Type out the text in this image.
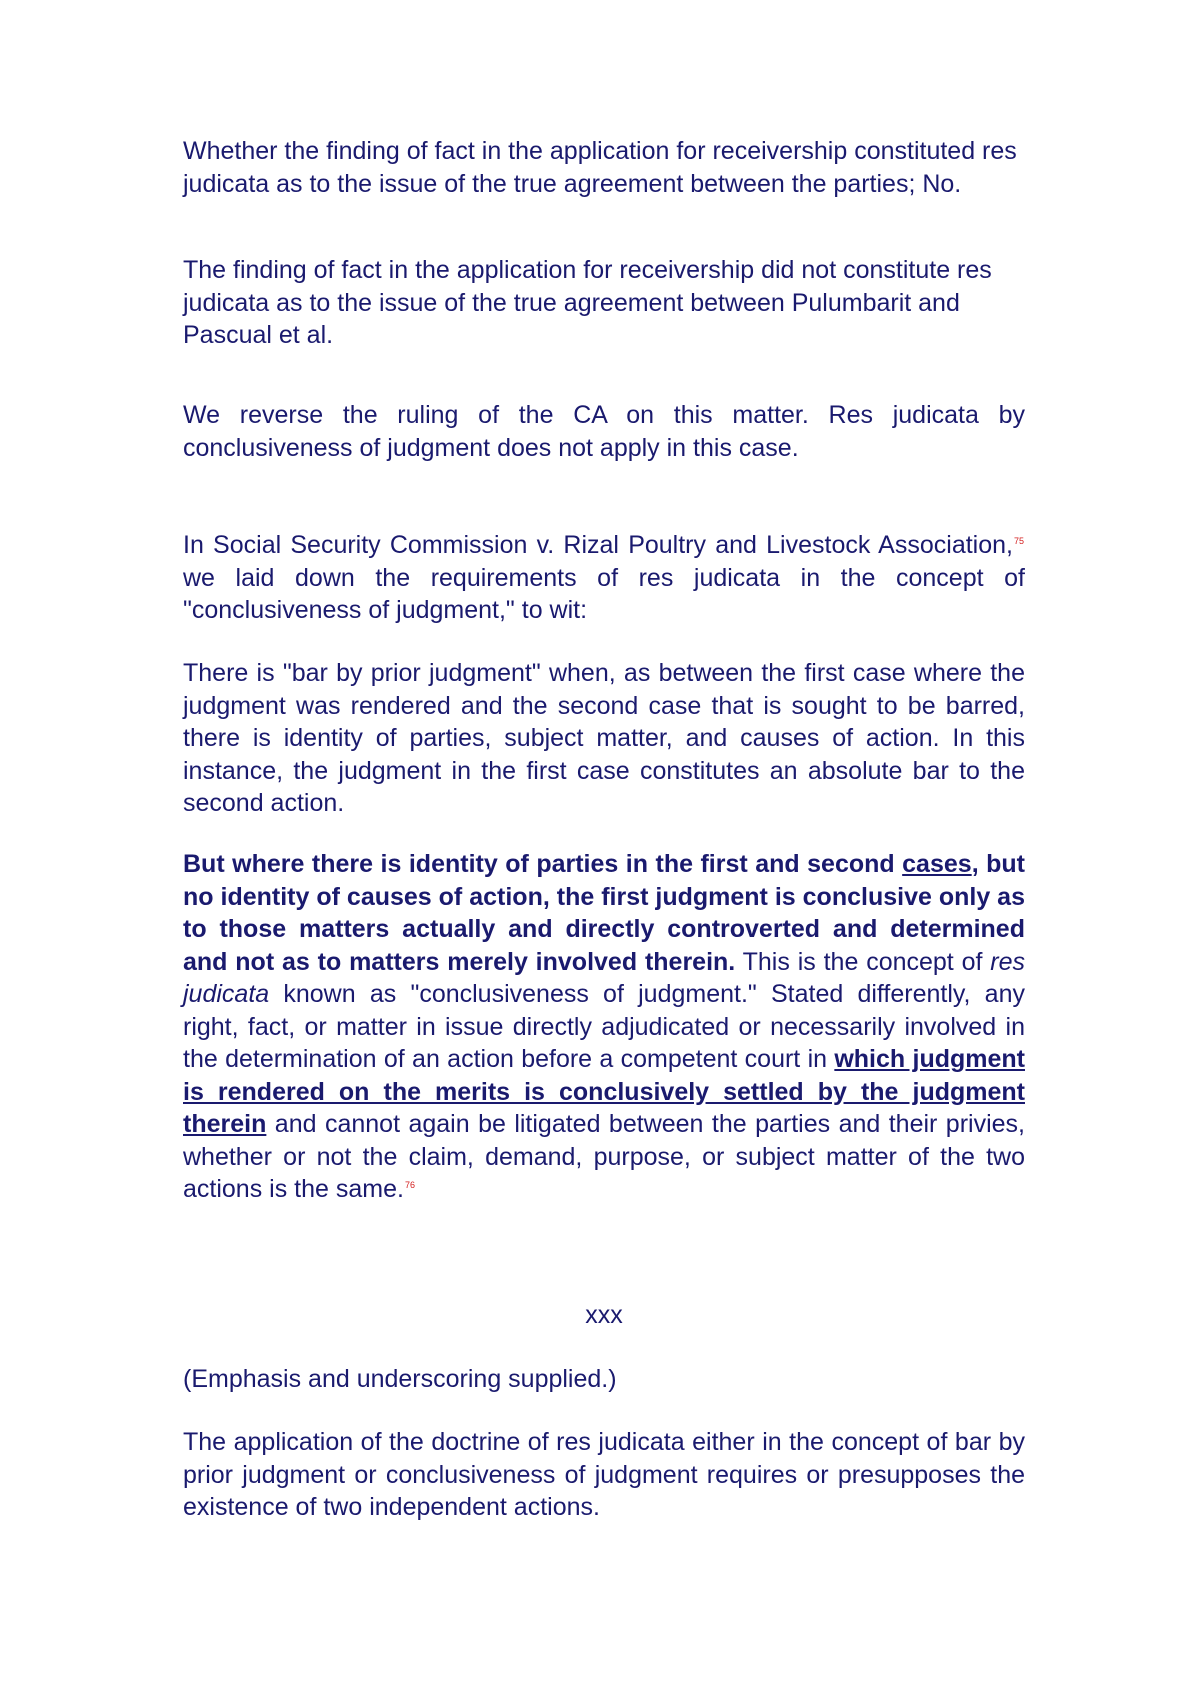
Whether the finding of fact in the application for receivership constituted res judicata as to the issue of the true agreement between the parties; No.

The finding of fact in the application for receivership did not constitute res judicata as to the issue of the true agreement between Pulumbarit and Pascual et al.

We reverse the ruling of the CA on this matter. Res judicata by conclusiveness of judgment does not apply in this case.

In Social Security Commission v. Rizal Poultry and Livestock Association,$^{75}$ we laid down the requirements of res judicata in the concept of "conclusiveness of judgment," to wit:

There is "bar by prior judgment" when, as between the first case where the judgment was rendered and the second case that is sought to be barred, there is identity of parties, subject matter, and causes of action. In this instance, the judgment in the first case constitutes an absolute bar to the second action.

But where there is identity of parties in the first and second cases, but no identity of causes of action, the first judgment is conclusive only as to those matters actually and directly controverted and determined and not as to matters merely involved therein. This is the concept of res judicata known as "conclusiveness of judgment." Stated differently, any right, fact, or matter in issue directly adjudicated or necessarily involved in the determination of an action before a competent court in which judgment is rendered on the merits is conclusively settled by the judgment therein and cannot again be litigated between the parties and their privies, whether or not the claim, demand, purpose, or subject matter of the two actions is the same.$^{76}$

xxx

(Emphasis and underscoring supplied.)

The application of the doctrine of res judicata either in the concept of bar by prior judgment or conclusiveness of judgment requires or presupposes the existence of two independent actions.
